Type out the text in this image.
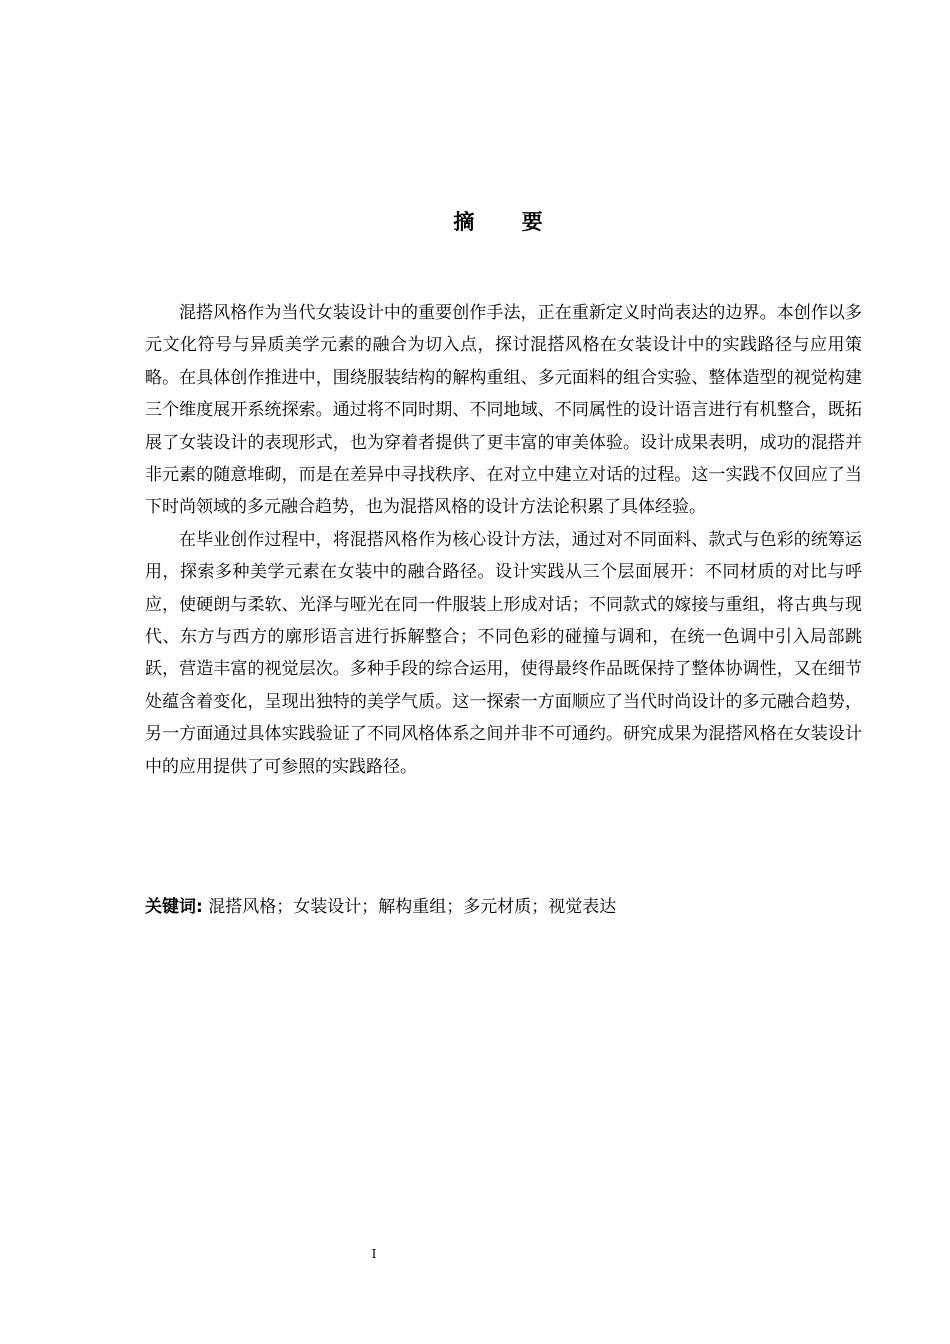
摘 要

混搭风格作为当代女装设计中的重要创作手法，正在重新定义时尚表达的边界。本创作以多元文化符号与异质美学元素的融合为切入点，探讨混搭风格在女装设计中的实践路径与应用策略。在具体创作推进中，围绕服装结构的解构重组、多元面料的组合实验、整体造型的视觉构建三个维度展开系统探索。通过将不同时期、不同地域、不同属性的设计语言进行有机整合，既拓展了女装设计的表现形式，也为穿着者提供了更丰富的审美体验。设计成果表明，成功的混搭并非元素的随意堆砌，而是在差异中寻找秩序、在对立中建立对话的过程。这一实践不仅回应了当下时尚领域的多元融合趋势，也为混搭风格的设计方法论积累了具体经验。

在毕业创作过程中，将混搭风格作为核心设计方法，通过对不同面料、款式与色彩的统筹运用，探索多种美学元素在女装中的融合路径。设计实践从三个层面展开：不同材质的对比与呼应，使硬朗与柔软、光泽与哑光在同一件服装上形成对话；不同款式的嫁接与重组，将古典与现代、东方与西方的廓形语言进行拆解整合；不同色彩的碰撞与调和，在统一色调中引入局部跳跃，营造丰富的视觉层次。多种手段的综合运用，使得最终作品既保持了整体协调性，又在细节处蕴含着变化，呈现出独特的美学气质。这一探索一方面顺应了当代时尚设计的多元融合趋势，另一方面通过具体实践验证了不同风格体系之间并非不可通约。研究成果为混搭风格在女装设计中的应用提供了可参照的实践路径。

关键词: 混搭风格；女装设计；解构重组；多元材质；视觉表达
I
